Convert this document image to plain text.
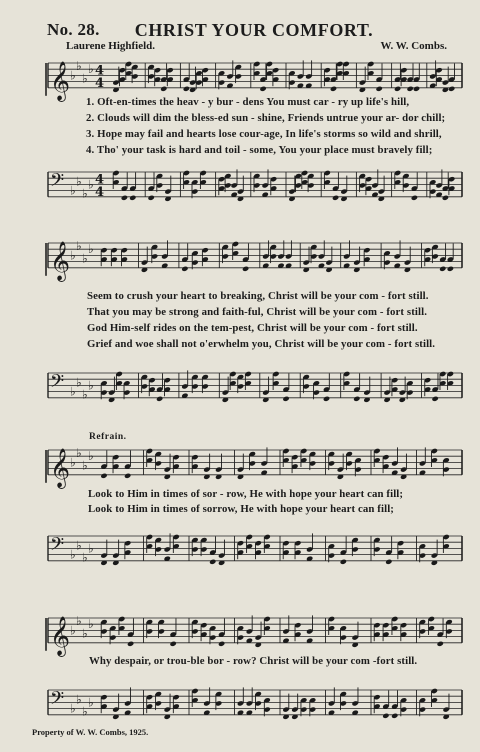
No. 28.	CHRIST YOUR COMFORT.
Laurene Highfield.	W. W. Combs.
𝄞 ♭
♭
♭
♭ 4
4
1. Oft-en-times the heav - y bur - dens You must car - ry up life's hill,
2. Clouds will dim the bless-ed sun - shine, Friends untrue your ar- dor chill;
3. Hope may fail and hearts lose cour-age, In life's storms so wild and shrill,
4. Tho' your task is hard and toil - some, You your place must bravely fill;
𝄢 ♭
♭
♭
♭ 4
4
𝄞 ♭
♭
♭
♭
Seem to crush your heart to breaking, Christ will be your com - fort still.
That you may be strong and faith-ful, Christ will be your com - fort still.
God Him-self rides on the tem-pest, Christ will be your com - fort still.
Grief and woe shall not o'erwhelm you, Christ will be your com - fort still.
𝄢 ♭
♭
♭
♭
Refrain.
𝄞 ♭
♭
♭
♭
Look to Him in times of sor - row, He with hope your heart can fill;
Look to Him in times of sorrow, He with hope your heart can fill;
𝄢 ♭
♭
♭
♭
𝄞 ♭
♭
♭
♭
Why despair, or trou-ble bor - row? Christ will be your com -fort still.
𝄢 ♭
♭
♭
♭
Property of W. W. Combs, 1925.
